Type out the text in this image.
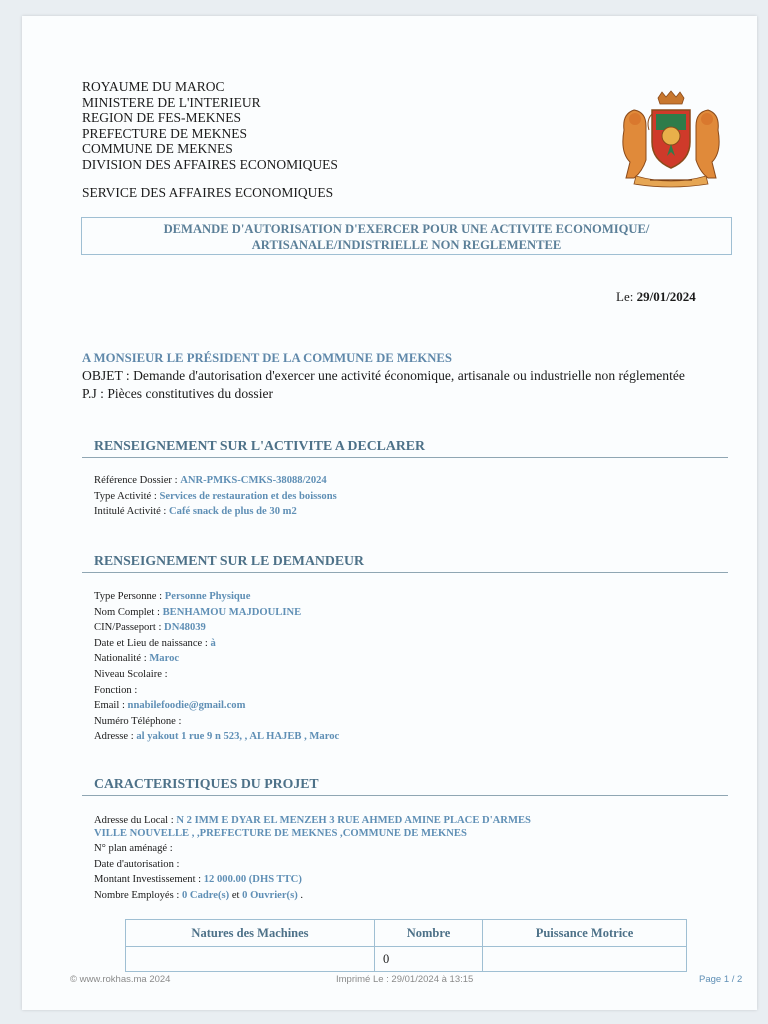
ROYAUME DU MAROC
MINISTERE DE L'INTERIEUR
REGION DE FES-MEKNES
PREFECTURE DE MEKNES
COMMUNE DE MEKNES
DIVISION DES AFFAIRES ECONOMIQUES
SERVICE DES AFFAIRES ECONOMIQUES
DEMANDE D'AUTORISATION D'EXERCER POUR UNE ACTIVITE ECONOMIQUE/
ARTISANALE/INDISTRIELLE NON REGLEMENTEE
Le: 29/01/2024
A MONSIEUR LE PRÉSIDENT DE LA COMMUNE DE MEKNES
OBJET : Demande d'autorisation d'exercer une activité économique, artisanale ou industrielle non réglementée
P.J : Pièces constitutives du dossier
RENSEIGNEMENT SUR L'ACTIVITE A DECLARER
Référence Dossier : ANR-PMKS-CMKS-38088/2024
Type Activité : Services de restauration et des boissons
Intitulé Activité : Café snack de plus de 30 m2
RENSEIGNEMENT SUR LE DEMANDEUR
Type Personne : Personne Physique
Nom Complet : BENHAMOU MAJDOULINE
CIN/Passeport : DN48039
Date et Lieu de naissance : à
Nationalité : Maroc
Niveau Scolaire :
Fonction :
Email : nnabilefoodie@gmail.com
Numéro Téléphone :
Adresse : al yakout 1 rue 9 n 523, , AL HAJEB , Maroc
CARACTERISTIQUES DU PROJET
Adresse du Local : N 2 IMM E DYAR EL MENZEH 3 RUE AHMED AMINE PLACE D'ARMES
VILLE NOUVELLE , ,PREFECTURE DE MEKNES ,COMMUNE DE MEKNES
N° plan aménagé :
Date d'autorisation :
Montant Investissement : 12 000.00 (DHS TTC)
Nombre Employés : 0 Cadre(s) et 0 Ouvrier(s) .
Natures des Machines	Nombre	Puissance Motrice
	0	
© www.rokhas.ma 2024	Imprimé Le : 29/01/2024 à 13:15	Page 1 / 2
